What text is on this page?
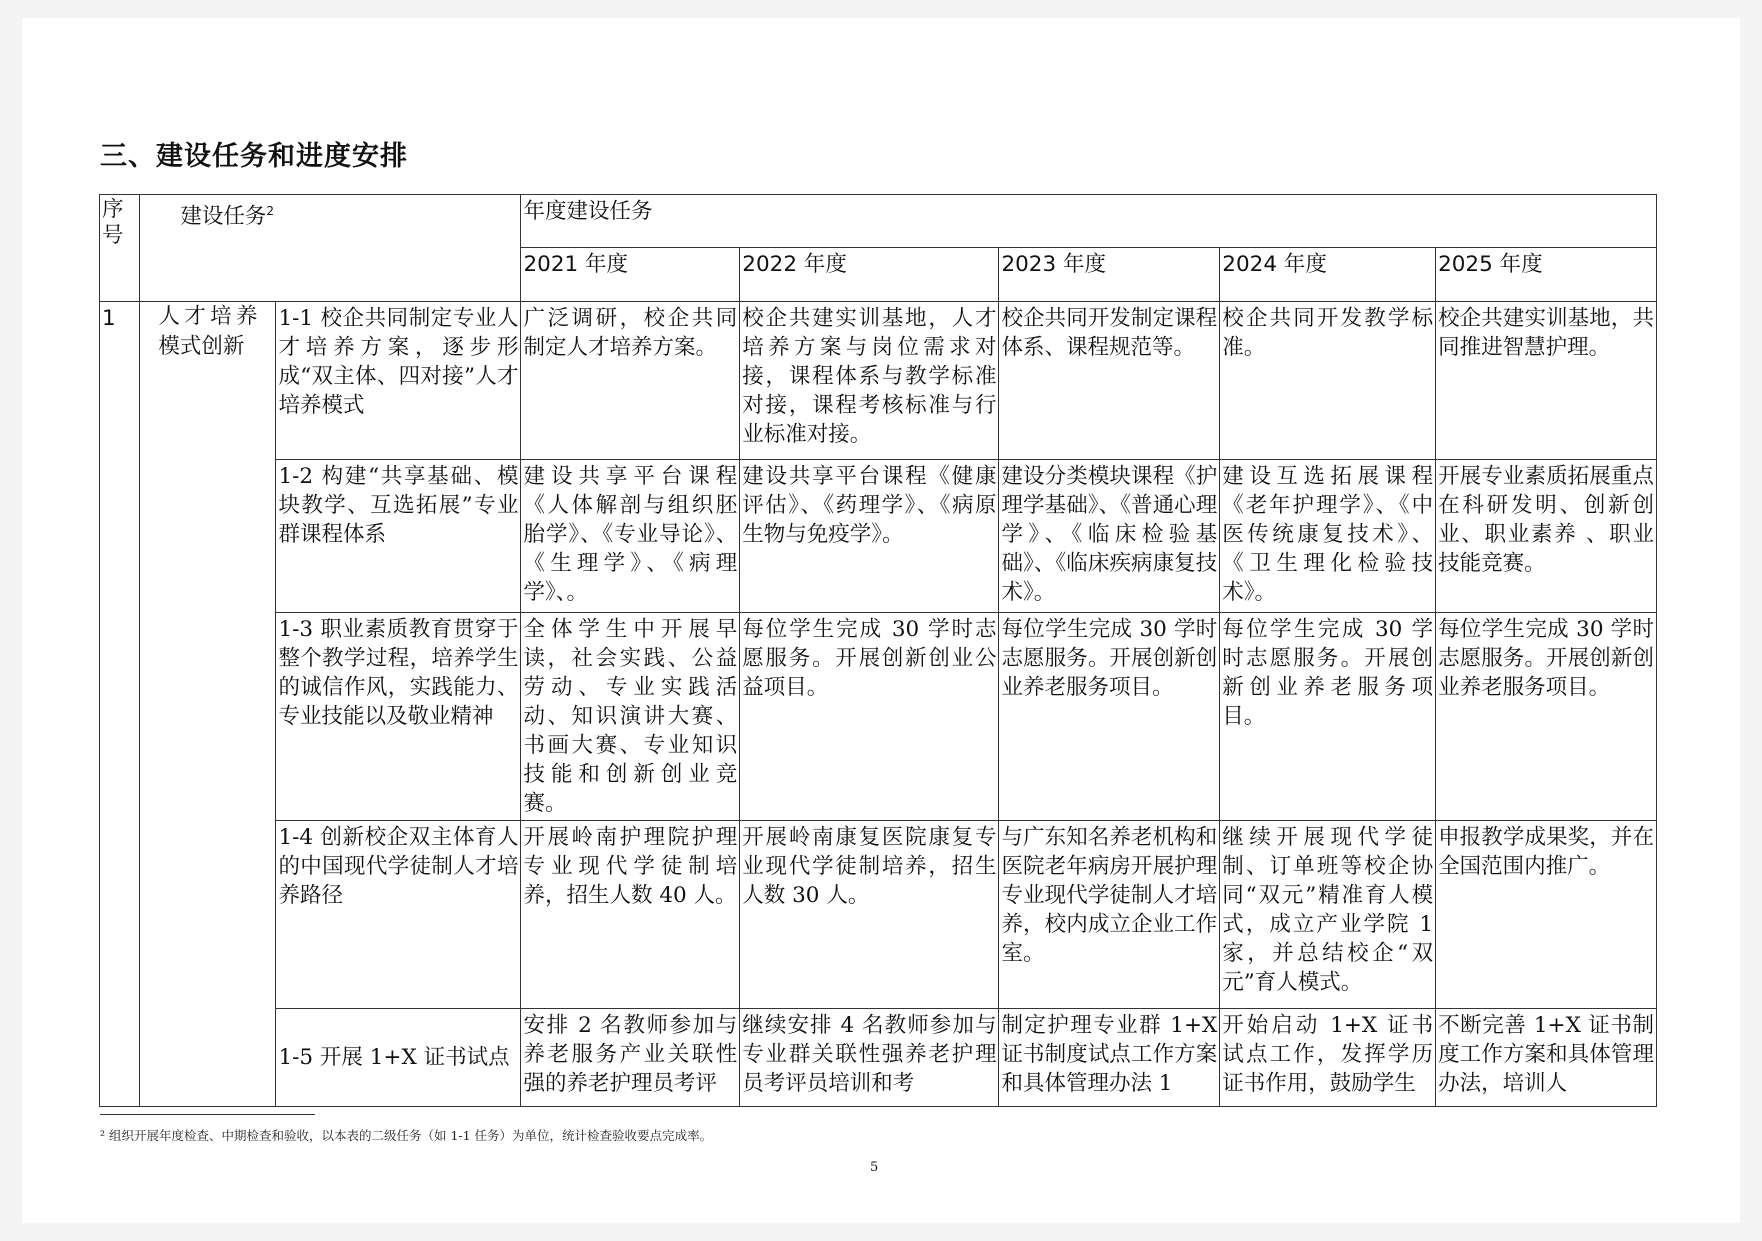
三、建设任务和进度安排
序号	建设任务$^2$		年度建设任务				
			2021 年度	2022 年度	2023 年度	2024 年度	2025 年度
1	人才培养模式创新	1-1 校企共同制定专业人才培养方案，逐步形成“双主体、四对接”人才培养模式	广泛调研，校企共同制定人才培养方案。	校企共建实训基地，人才培养方案与岗位需求对接，课程体系与教学标准对接，课程考核标准与行业标准对接。	校企共同开发制定课程体系、课程规范等。	校企共同开发教学标准。	校企共建实训基地，共同推进智慧护理。
		1-2 构建“共享基础、模块教学、互选拓展”专业群课程体系	建设共享平台课程《人体解剖与组织胚胎学》、《专业导论》、《生理学》、《病理学》、。	建设共享平台课程《健康评估》、《药理学》、《病原生物与免疫学》。	建设分类模块课程《护理学基础》、《普通心理学》、《临床检验基础》、《临床疾病康复技术》。	建设互选拓展课程《老年护理学》、《中医传统康复技术》、《卫生理化检验技术》。	开展专业素质拓展重点在科研发明、创新创业、职业素养 、职业技能竞赛。
		1-3 职业素质教育贯穿于整个教学过程，培养学生的诚信作风，实践能力、专业技能以及敬业精神	全体学生中开展早读，社会实践、公益劳动、专业实践活动、知识演讲大赛、书画大赛、专业知识技能和创新创业竞赛。	每位学生完成 30 学时志愿服务。开展创新创业公益项目。	每位学生完成 30 学时志愿服务。开展创新创业养老服务项目。	每位学生完成 30 学时志愿服务。开展创新创业养老服务项目。	每位学生完成 30 学时志愿服务。开展创新创业养老服务项目。
		1-4 创新校企双主体育人的中国现代学徒制人才培养路径	开展岭南护理院护理专业现代学徒制培养，招生人数 40 人。	开展岭南康复医院康复专业现代学徒制培养，招生人数 30 人。	与广东知名养老机构和医院老年病房开展护理专业现代学徒制人才培养，校内成立企业工作室。	继续开展现代学徒制、订单班等校企协同“双元”精准育人模式，成立产业学院 1 家，并总结校企“双元”育人模式。	申报教学成果奖，并在全国范围内推广。
		1-5 开展 1+X 证书试点	安排 2 名教师参加与养老服务产业关联性强的养老护理员考评	继续安排 4 名教师参加与专业群关联性强养老护理员考评员培训和考	制定护理专业群 1+X 证书制度试点工作方案和具体管理办法 1	开始启动 1+X 证书试点工作，发挥学历证书作用，鼓励学生	不断完善 1+X 证书制度工作方案和具体管理办法，培训人
² 组织开展年度检查、中期检查和验收，以本表的二级任务（如 1-1 任务）为单位，统计检查验收要点完成率。
5
